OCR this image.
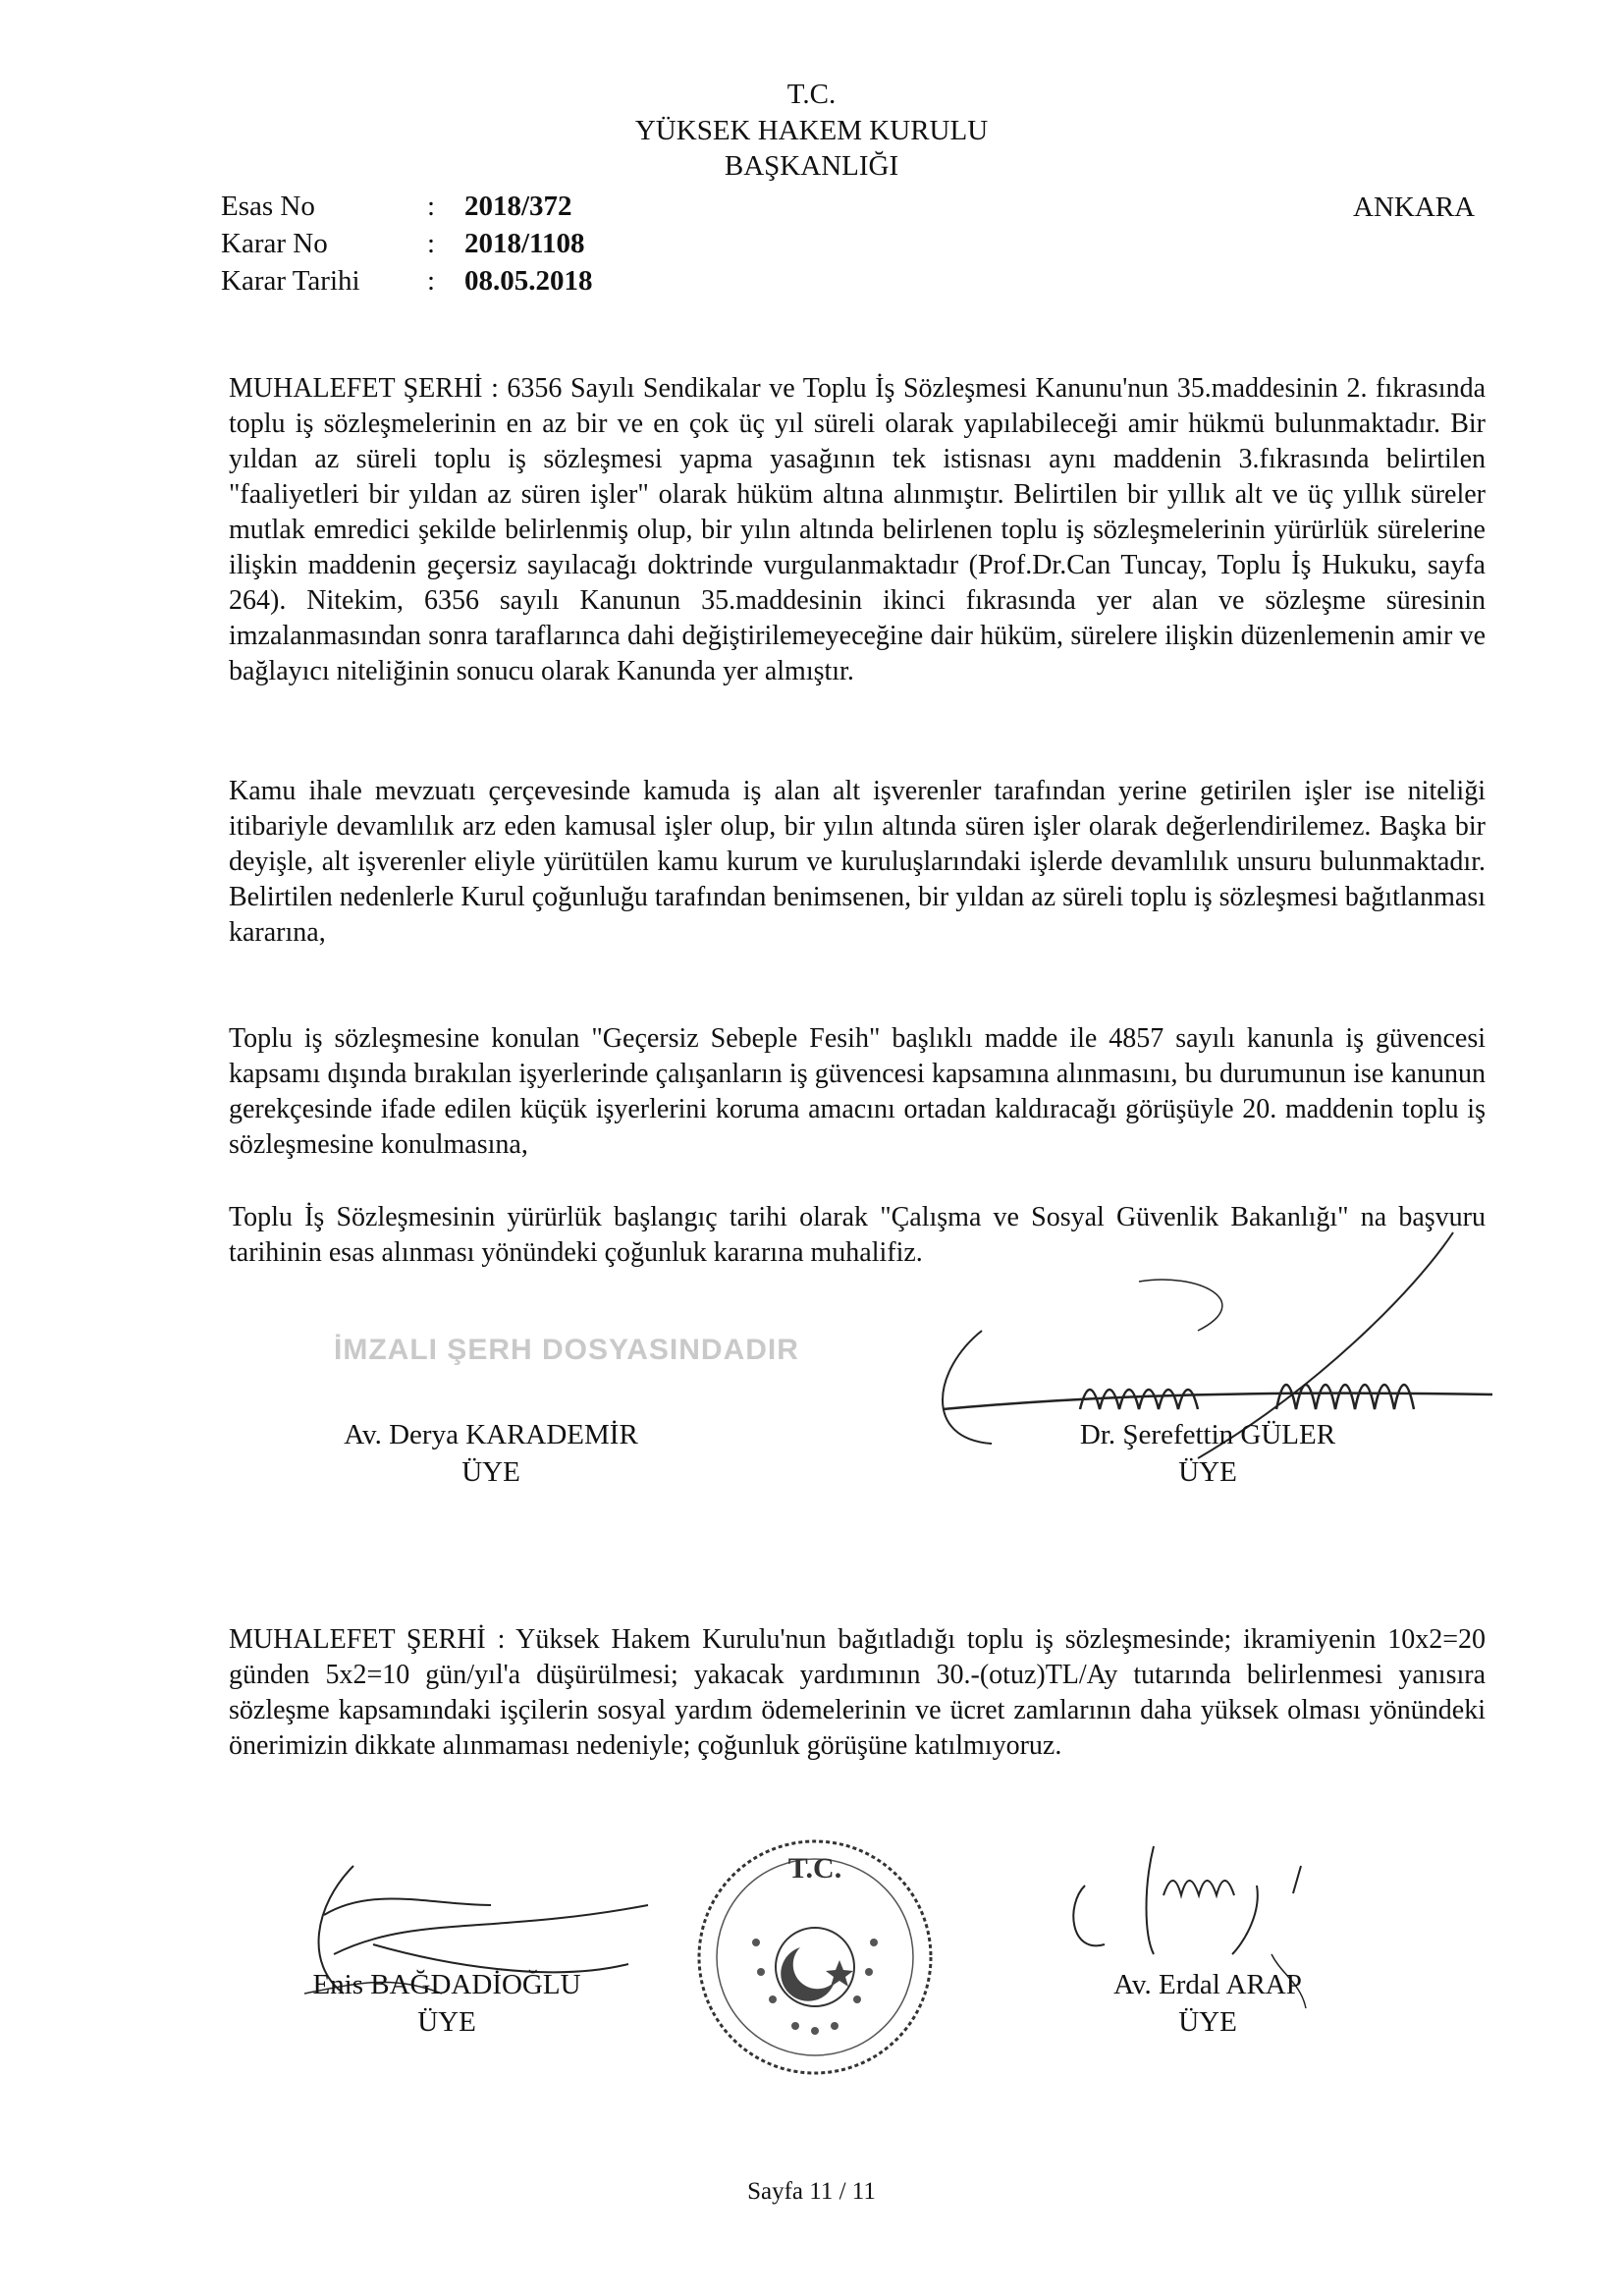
T.C.
YÜKSEK HAKEM KURULU
BAŞKANLIĞI
ANKARA
Esas No	: 2018/372
Karar No	: 2018/1108
Karar Tarihi	: 08.05.2018

MUHALEFET ŞERHİ : 6356 Sayılı Sendikalar ve Toplu İş Sözleşmesi Kanunu'nun 35.maddesinin 2. fıkrasında toplu iş sözleşmelerinin en az bir ve en çok üç yıl süreli olarak yapılabileceği amir hükmü bulunmaktadır. Bir yıldan az süreli toplu iş sözleşmesi yapma yasağının tek istisnası aynı maddenin 3.fıkrasında belirtilen "faaliyetleri bir yıldan az süren işler" olarak hüküm altına alınmıştır. Belirtilen bir yıllık alt ve üç yıllık süreler mutlak emredici şekilde belirlenmiş olup, bir yılın altında belirlenen toplu iş sözleşmelerinin yürürlük sürelerine ilişkin maddenin geçersiz sayılacağı doktrinde vurgulanmaktadır (Prof.Dr.Can Tuncay, Toplu İş Hukuku, sayfa 264). Nitekim, 6356 sayılı Kanunun 35.maddesinin ikinci fıkrasında yer alan ve sözleşme süresinin imzalanmasından sonra taraflarınca dahi değiştirilemeyeceğine dair hüküm, sürelere ilişkin düzenlemenin amir ve bağlayıcı niteliğinin sonucu olarak Kanunda yer almıştır.

Kamu ihale mevzuatı çerçevesinde kamuda iş alan alt işverenler tarafından yerine getirilen işler ise niteliği itibariyle devamlılık arz eden kamusal işler olup, bir yılın altında süren işler olarak değerlendirilemez. Başka bir deyişle, alt işverenler eliyle yürütülen kamu kurum ve kuruluşlarındaki işlerde devamlılık unsuru bulunmaktadır. Belirtilen nedenlerle Kurul çoğunluğu tarafından benimsenen, bir yıldan az süreli toplu iş sözleşmesi bağıtlanması kararına,

Toplu iş sözleşmesine konulan "Geçersiz Sebeple Fesih" başlıklı madde ile 4857 sayılı kanunla iş güvencesi kapsamı dışında bırakılan işyerlerinde çalışanların iş güvencesi kapsamına alınmasını, bu durumunun ise kanunun gerekçesinde ifade edilen küçük işyerlerini koruma amacını ortadan kaldıracağı görüşüyle 20. maddenin toplu iş sözleşmesine konulmasına,

Toplu İş Sözleşmesinin yürürlük başlangıç tarihi olarak "Çalışma ve Sosyal Güvenlik Bakanlığı" na başvuru tarihinin esas alınması yönündeki çoğunluk kararına muhalifiz.

İMZALI ŞERH DOSYASINDADIR
Av. Derya KARADEMİR
ÜYE
Dr. Şerefettin GÜLER
ÜYE

MUHALEFET ŞERHİ : Yüksek Hakem Kurulu'nun bağıtladığı toplu iş sözleşmesinde; ikramiyenin 10x2=20 günden 5x2=10 gün/yıl'a düşürülmesi; yakacak yardımının 30.-(otuz)TL/Ay tutarında belirlenmesi yanısıra sözleşme kapsamındaki işçilerin sosyal yardım ödemelerinin ve ücret zamlarının daha yüksek olması yönündeki önerimizin dikkate alınmaması nedeniyle; çoğunluk görüşüne katılmıyoruz.

T.C.
Enis BAĞDADİOĞLU
ÜYE
Av. Erdal ARAP
ÜYE
Sayfa 11 / 11
